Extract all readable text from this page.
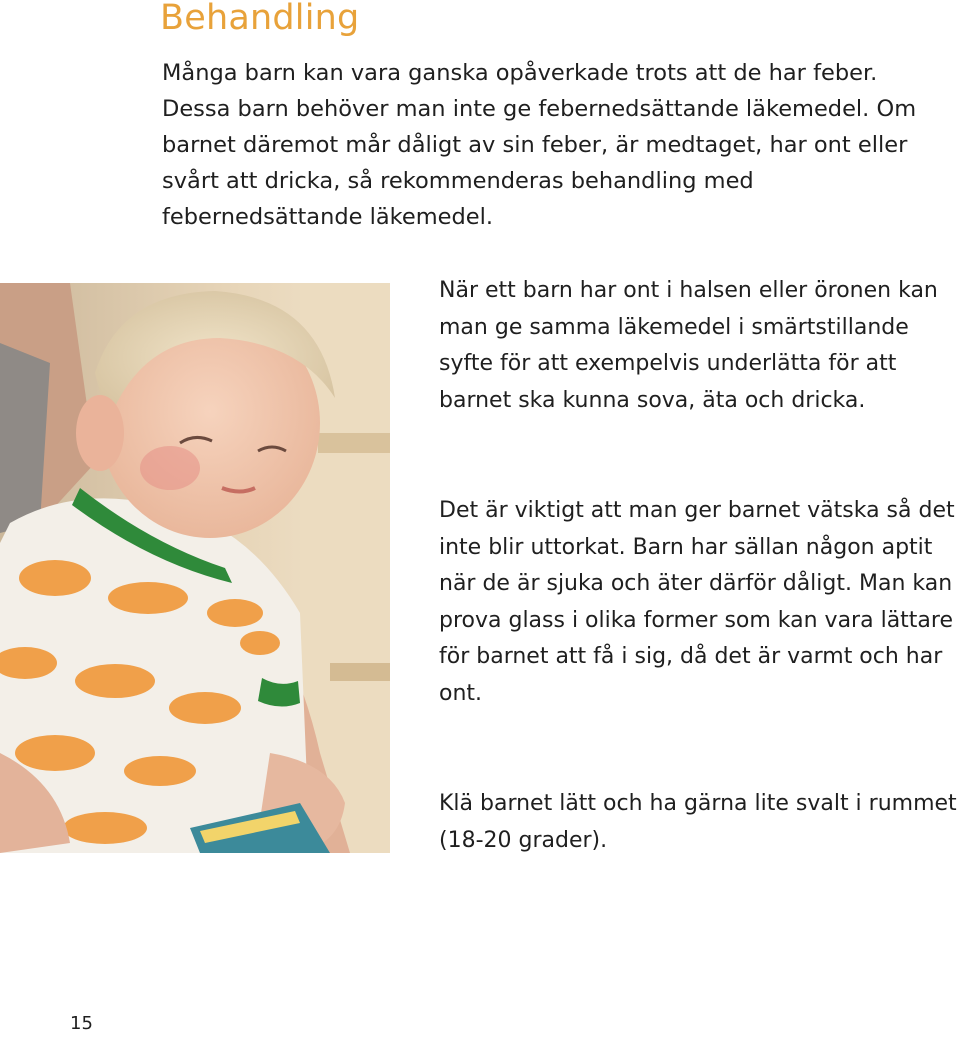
Behandling

Många barn kan vara ganska opåverkade trots att de har feber. Dessa barn behöver man inte ge febernedsättande läkemedel. Om barnet däremot mår dåligt av sin feber, är medtaget, har ont eller svårt att dricka, så rekommenderas behandling med febernedsättande läkemedel.

När ett barn har ont i halsen eller öronen kan man ge samma läkemedel i smärtstillande syfte för att exempelvis underlätta för att barnet ska kunna sova, äta och dricka.

Det är viktigt att man ger barnet vätska så det inte blir uttorkat. Barn har sällan någon aptit när de är sjuka och äter därför dåligt. Man kan prova glass i olika former som kan vara lättare för barnet att få i sig, då det är varmt och har ont.

Klä barnet lätt och ha gärna lite svalt i rummet (18-20 grader).

15
